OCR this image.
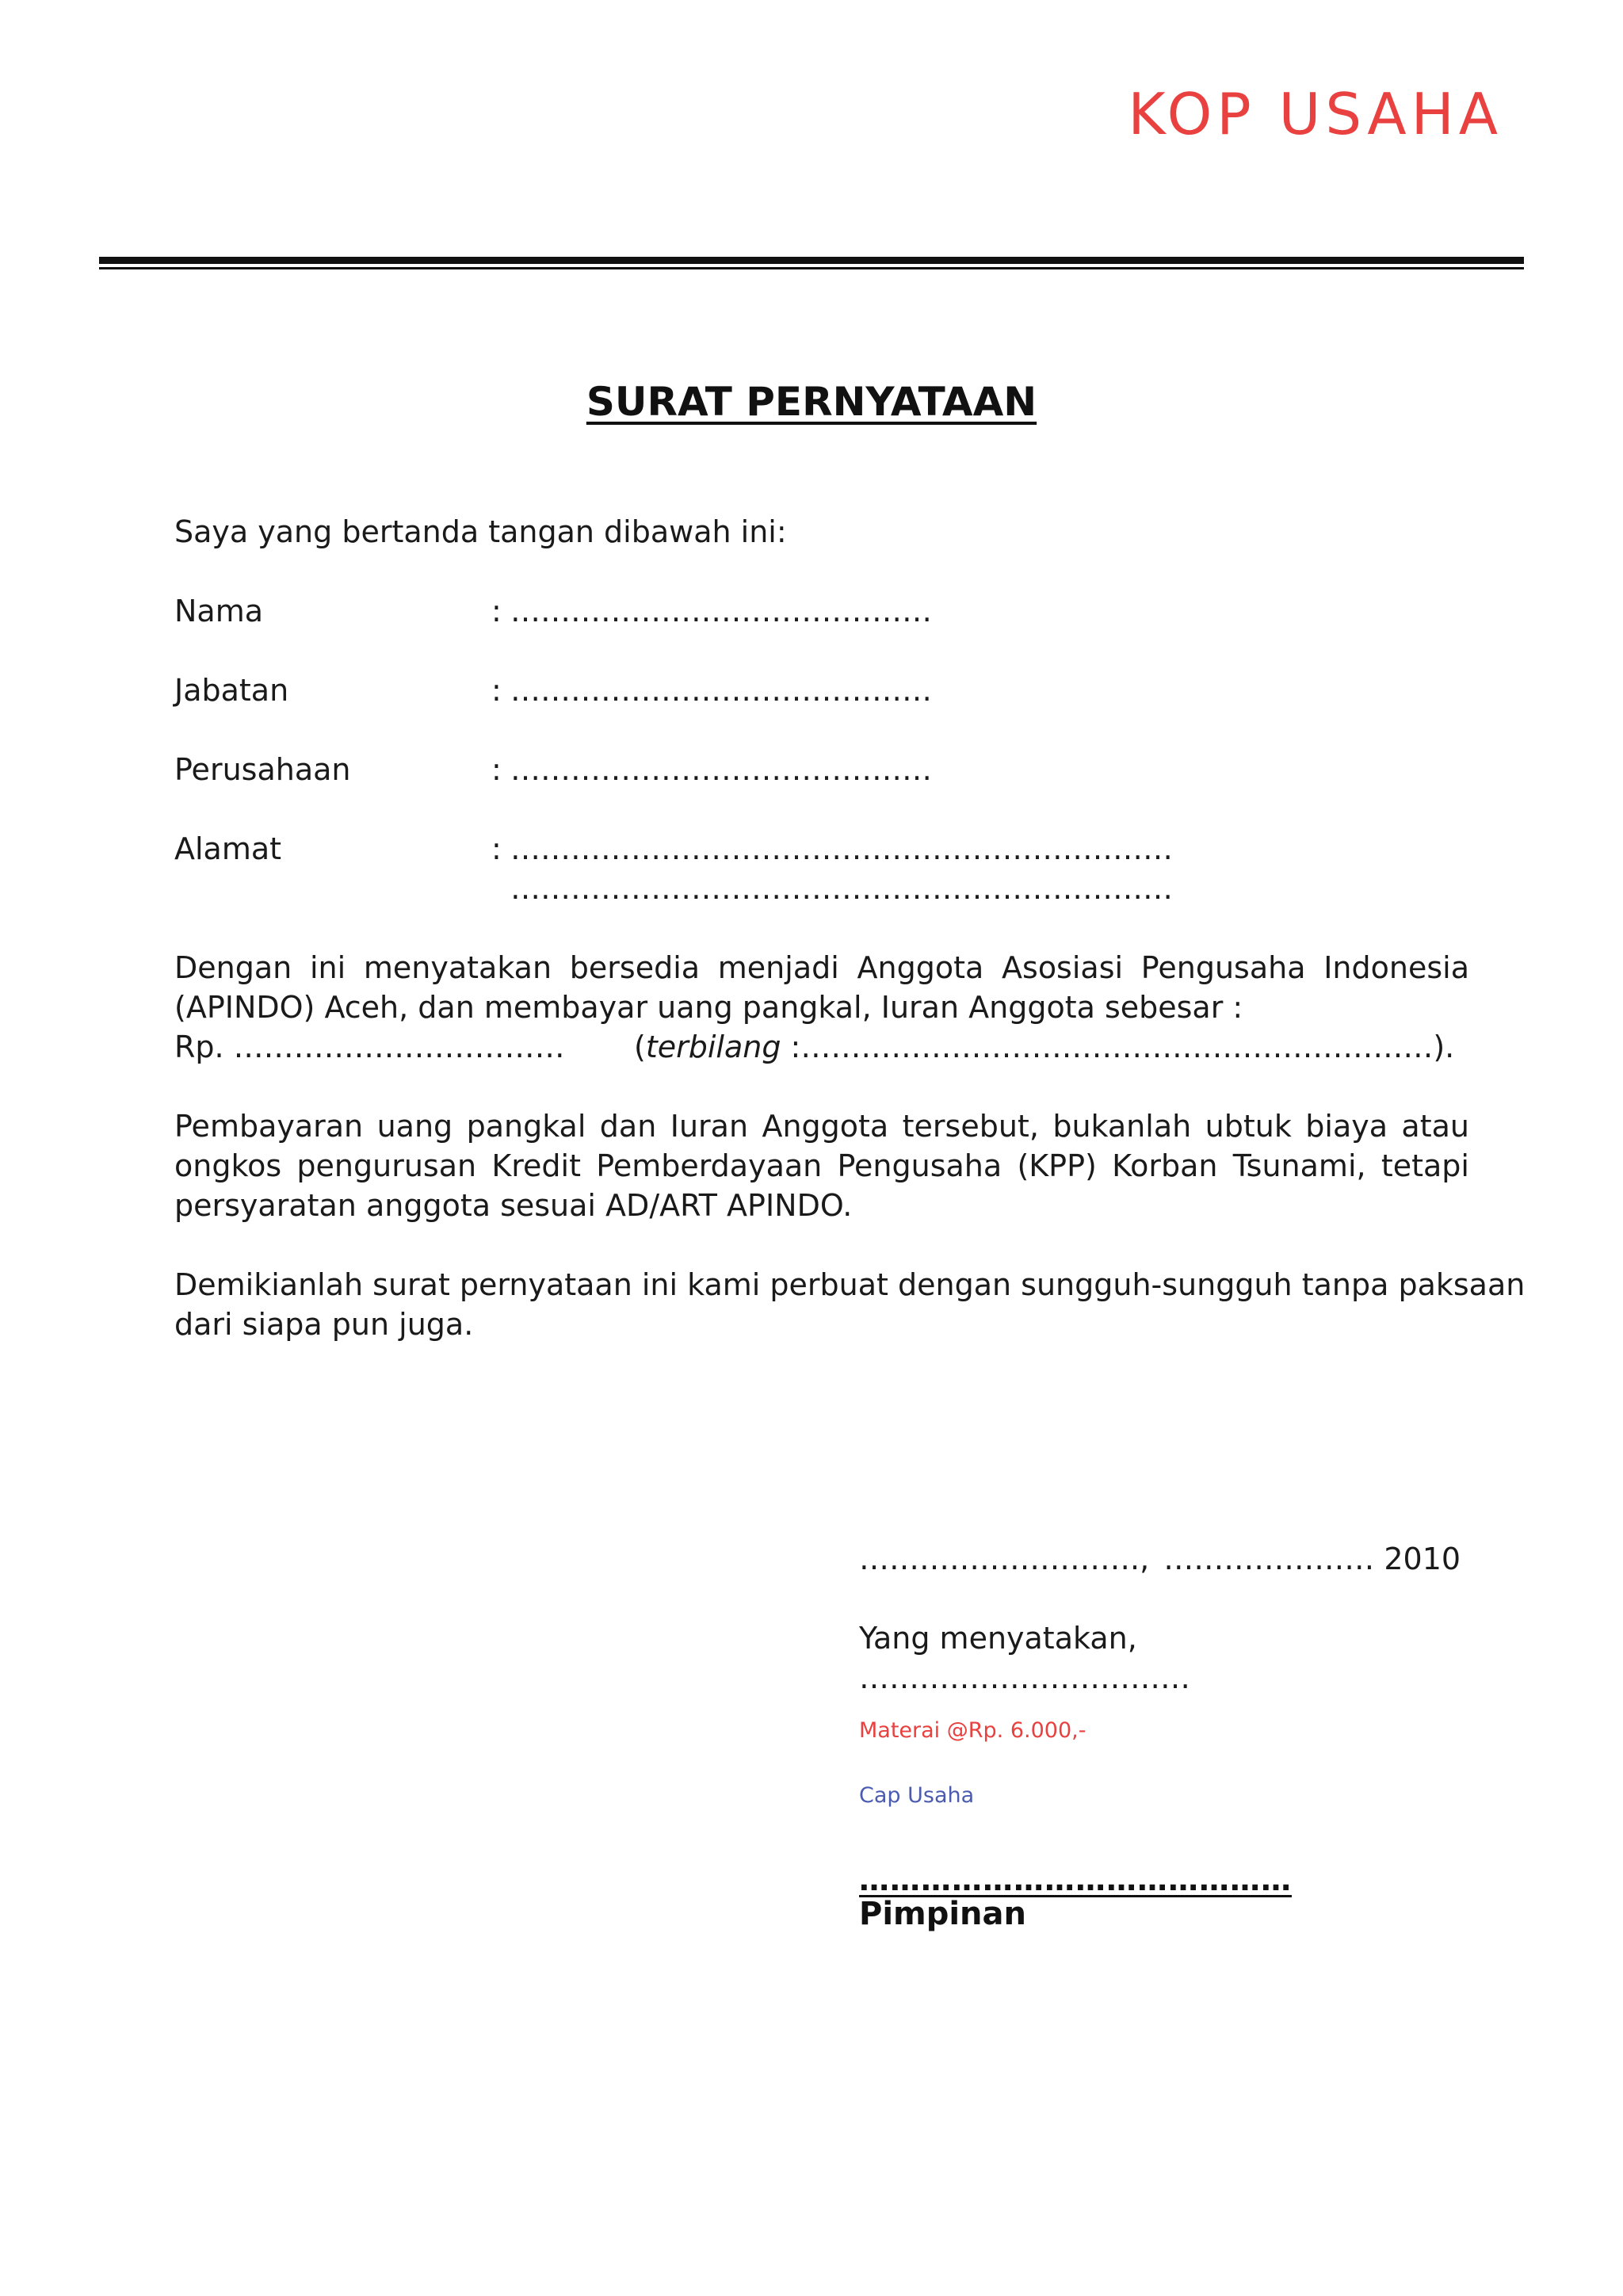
KOP USAHA
SURAT PERNYATAAN
Saya yang bertanda tangan dibawah ini:
Nama	: ……………………………………
Jabatan	: ……………………………………
Perusahaan	: ……………………………………
Alamat	: …………………………………………………………
…………………………………………………………
Dengan ini menyatakan bersedia menjadi Anggota Asosiasi Pengusaha Indonesia
(APINDO) Aceh, dan membayar uang pangkal, Iuran Anggota sebesar :
Rp. …………………………… (terbilang :………………………………………………………).
Pembayaran uang pangkal dan Iuran Anggota tersebut, bukanlah ubtuk biaya atau
ongkos pengurusan Kredit Pemberdayaan Pengusaha (KPP) Korban Tsunami, tetapi
persyaratan anggota sesuai AD/ART APINDO.
Demikianlah surat pernyataan ini kami perbuat dengan sungguh-sungguh tanpa paksaan
dari siapa pun juga.
………………………., ………………… 2010
Yang menyatakan,
……………………………
Materai @Rp. 6.000,-
Cap Usaha
……………………………………
Pimpinan
